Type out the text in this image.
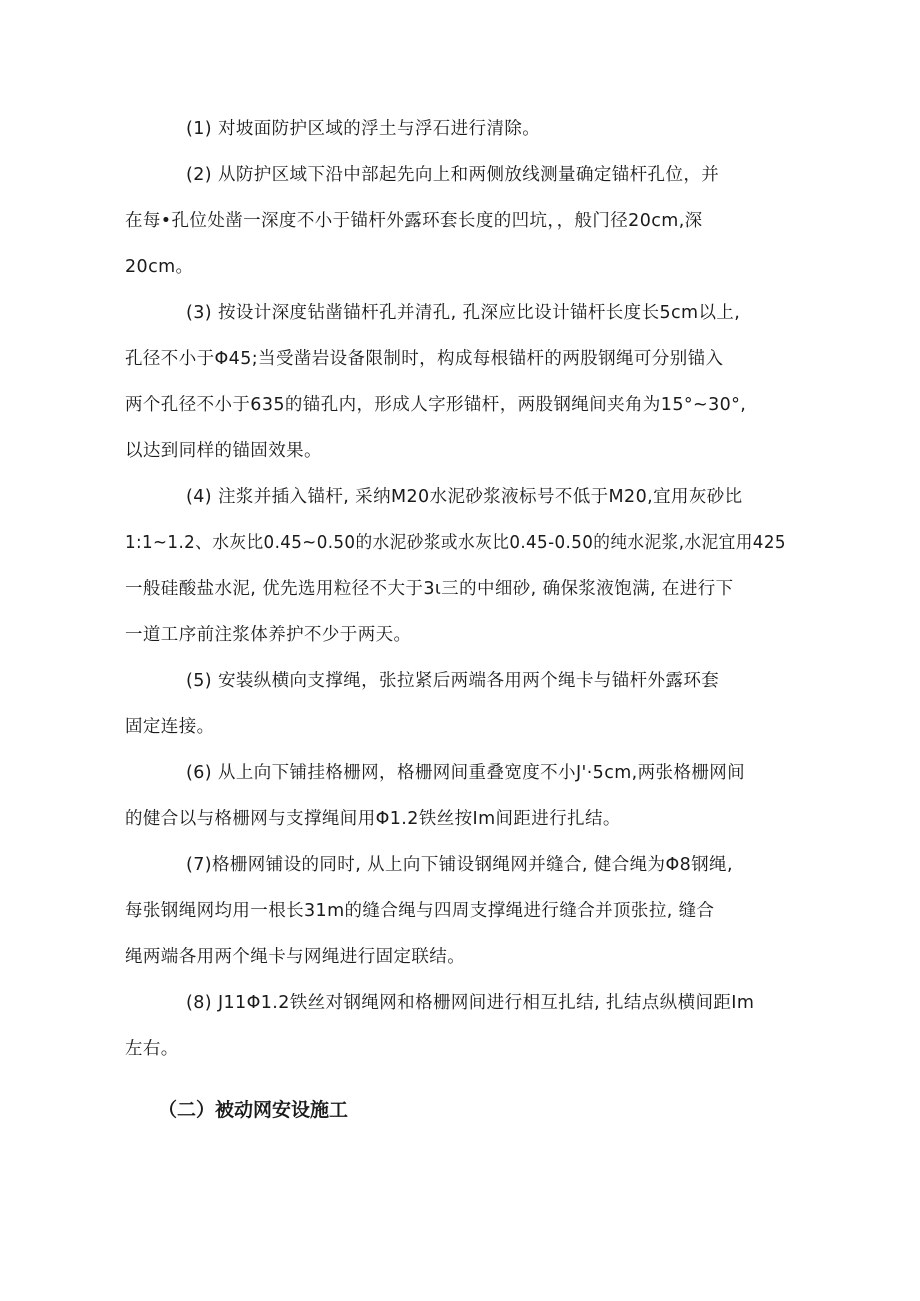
(1) 对坡面防护区域的浮土与浮石进行清除。
(2) 从防护区域下沿中部起先向上和两侧放线测量确定锚杆孔位，并
在每•孔位处凿一深度不小于锚杆外露环套长度的凹坑，，般门径20cm,深
20cm。
(3) 按设计深度钻凿锚杆孔并清孔, 孔深应比设计锚杆长度长5cm以上,
孔径不小于Φ45;当受凿岩设备限制时，构成每根锚杆的两股钢绳可分别锚入
两个孔径不小于635的锚孔内，形成人字形锚杆，两股钢绳间夹角为15°~30°,
以达到同样的锚固效果。
(4) 注浆并插入锚杆, 采纳M20水泥砂浆液标号不低于M20,宜用灰砂比
1:1~1.2、水灰比0.45~0.50的水泥砂浆或水灰比0.45-0.50的纯水泥浆,水泥宜用425
一般硅酸盐水泥, 优先选用粒径不大于3ι三的中细砂, 确保浆液饱满, 在进行下
一道工序前注浆体养护不少于两天。
(5) 安装纵横向支撑绳，张拉紧后两端各用两个绳卡与锚杆外露环套
固定连接。
(6) 从上向下铺挂格栅网，格栅网间重叠宽度不小J'·5cm,两张格栅网间
的健合以与格栅网与支撑绳间用Φ1.2铁丝按Im间距进行扎结。
(7)格栅网铺设的同时, 从上向下铺设钢绳网并缝合, 健合绳为Φ8钢绳,
每张钢绳网均用一根长31m的缝合绳与四周支撑绳进行缝合并顶张拉, 缝合
绳两端各用两个绳卡与网绳进行固定联结。
(8) J11Φ1.2铁丝对钢绳网和格栅网间进行相互扎结, 扎结点纵横间距Im
左右。
（二）被动网安设施工
